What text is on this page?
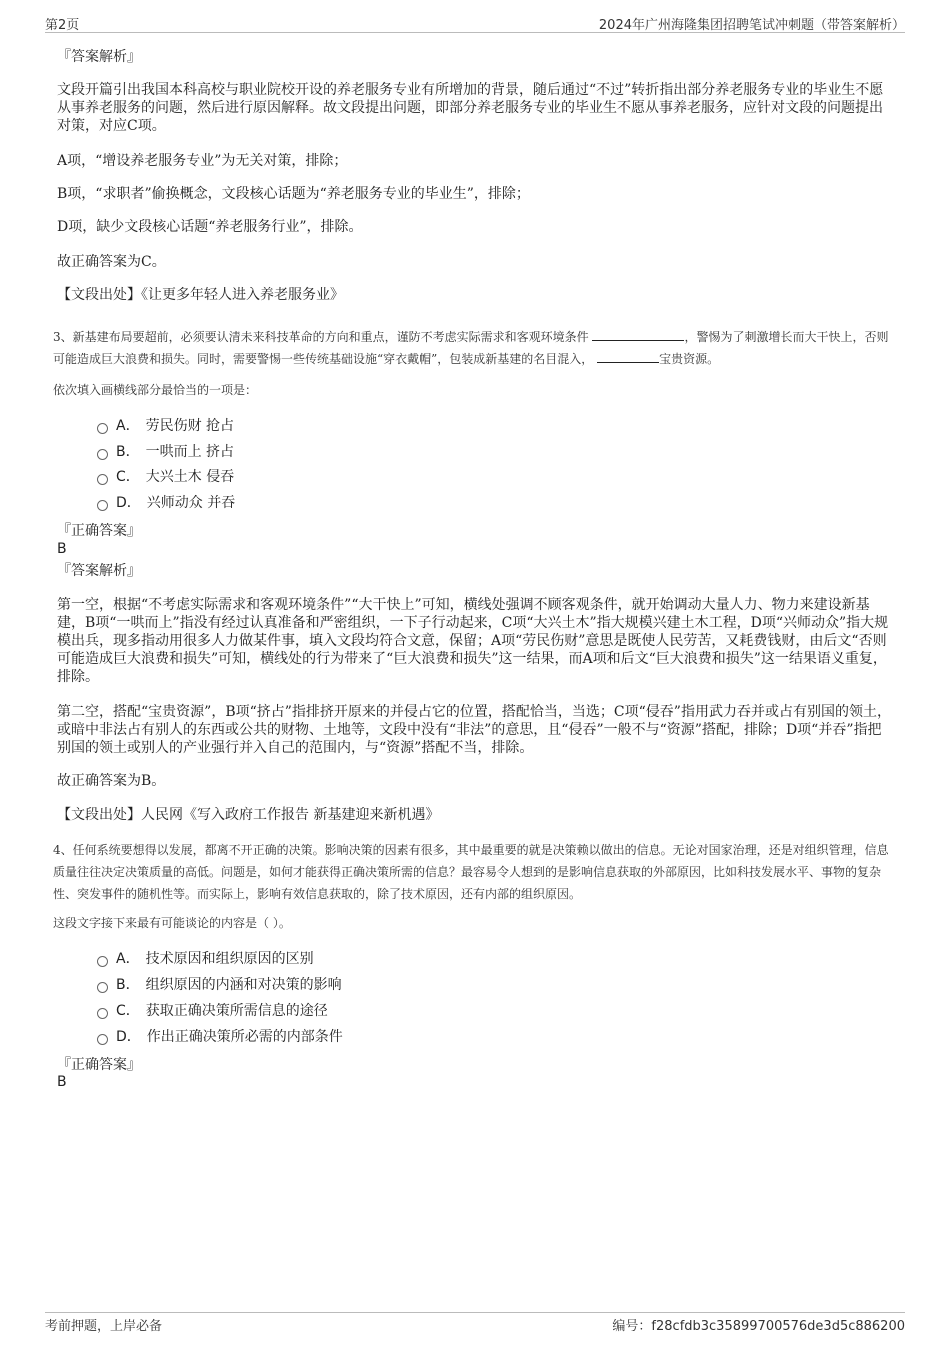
第2页	2024年广州海隆集团招聘笔试冲刺题（带答案解析）
『答案解析』
文段开篇引出我国本科高校与职业院校开设的养老服务专业有所增加的背景，随后通过“不过”转折指出部分养老服务专业的毕业生不愿从事养老服务的问题，然后进行原因解释。故文段提出问题，即部分养老服务专业的毕业生不愿从事养老服务，应针对文段的问题提出对策，对应C项。
A项，“增设养老服务专业”为无关对策，排除；
B项，“求职者”偷换概念，文段核心话题为“养老服务专业的毕业生”，排除；
D项，缺少文段核心话题“养老服务行业”，排除。
故正确答案为C。
【文段出处】《让更多年轻人进入养老服务业》
3、新基建布局要超前，必须要认清未来科技革命的方向和重点，谨防不考虑实际需求和客观环境条件	，警惕为了刺激增长而大干快上，否则可能造成巨大浪费和损失。同时，需要警惕一些传统基础设施“穿衣戴帽”，包装成新基建的名目混入，	宝贵资源。
依次填入画横线部分最恰当的一项是：
A． 劳民伤财 抢占
B． 一哄而上 挤占
C． 大兴土木 侵吞
D． 兴师动众 并吞
『正确答案』
B
『答案解析』
第一空，根据“不考虑实际需求和客观环境条件”“大干快上”可知，横线处强调不顾客观条件，就开始调动大量人力、物力来建设新基建，B项“一哄而上”指没有经过认真准备和严密组织，一下子行动起来，C项“大兴土木”指大规模兴建土木工程，D项“兴师动众”指大规模出兵，现多指动用很多人力做某件事，填入文段均符合文意，保留；A项“劳民伤财”意思是既使人民劳苦，又耗费钱财，由后文“否则可能造成巨大浪费和损失”可知，横线处的行为带来了“巨大浪费和损失”这一结果，而A项和后文“巨大浪费和损失”这一结果语义重复，排除。
第二空，搭配“宝贵资源”，B项“挤占”指排挤开原来的并侵占它的位置，搭配恰当，当选；C项“侵吞”指用武力吞并或占有别国的领土，或暗中非法占有别人的东西或公共的财物、土地等，文段中没有“非法”的意思，且“侵吞”一般不与“资源”搭配，排除；D项“并吞”指把别国的领土或别人的产业强行并入自己的范围内，与“资源”搭配不当，排除。
故正确答案为B。
【文段出处】人民网《写入政府工作报告 新基建迎来新机遇》
4、任何系统要想得以发展，都离不开正确的决策。影响决策的因素有很多，其中最重要的就是决策赖以做出的信息。无论对国家治理，还是对组织管理，信息质量往往决定决策质量的高低。问题是，如何才能获得正确决策所需的信息？最容易令人想到的是影响信息获取的外部原因，比如科技发展水平、事物的复杂性、突发事件的随机性等。而实际上，影响有效信息获取的，除了技术原因，还有内部的组织原因。
这段文字接下来最有可能谈论的内容是（ ）。
A． 技术原因和组织原因的区别
B． 组织原因的内涵和对决策的影响
C． 获取正确决策所需信息的途径
D． 作出正确决策所必需的内部条件
『正确答案』
B
考前押题，上岸必备	编号：f28cfdb3c35899700576de3d5c886200
